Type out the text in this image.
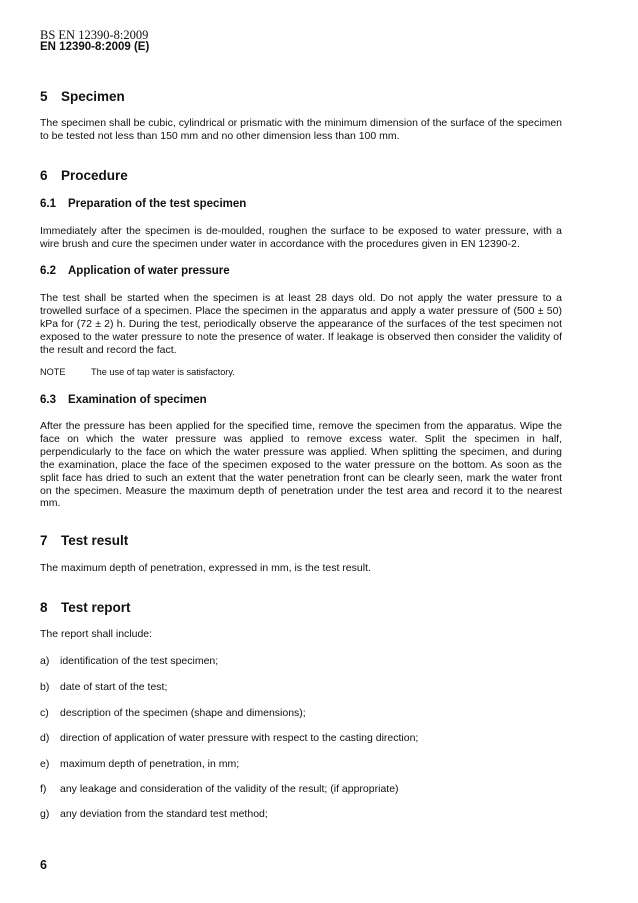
BS EN 12390-8:2009
EN 12390-8:2009 (E)
5 Specimen
The specimen shall be cubic, cylindrical or prismatic with the minimum dimension of the surface of the specimen to be tested not less than 150 mm and no other dimension less than 100 mm.
6 Procedure
6.1 Preparation of the test specimen
Immediately after the specimen is de-moulded, roughen the surface to be exposed to water pressure, with a wire brush and cure the specimen under water in accordance with the procedures given in EN 12390-2.
6.2 Application of water pressure
The test shall be started when the specimen is at least 28 days old. Do not apply the water pressure to a trowelled surface of a specimen. Place the specimen in the apparatus and apply a water pressure of (500 ± 50) kPa for (72 ± 2) h. During the test, periodically observe the appearance of the surfaces of the test specimen not exposed to the water pressure to note the presence of water. If leakage is observed then consider the validity of the result and record the fact.
NOTE	The use of tap water is satisfactory.
6.3 Examination of specimen
After the pressure has been applied for the specified time, remove the specimen from the apparatus. Wipe the face on which the water pressure was applied to remove excess water. Split the specimen in half, perpendicularly to the face on which the water pressure was applied. When splitting the specimen, and during the examination, place the face of the specimen exposed to the water pressure on the bottom. As soon as the split face has dried to such an extent that the water penetration front can be clearly seen, mark the water front on the specimen. Measure the maximum depth of penetration under the test area and record it to the nearest mm.
7 Test result
The maximum depth of penetration, expressed in mm, is the test result.
8 Test report
The report shall include:
a) identification of the test specimen;
b) date of start of the test;
c) description of the specimen (shape and dimensions);
d) direction of application of water pressure with respect to the casting direction;
e) maximum depth of penetration, in mm;
f) any leakage and consideration of the validity of the result; (if appropriate)
g) any deviation from the standard test method;
6
